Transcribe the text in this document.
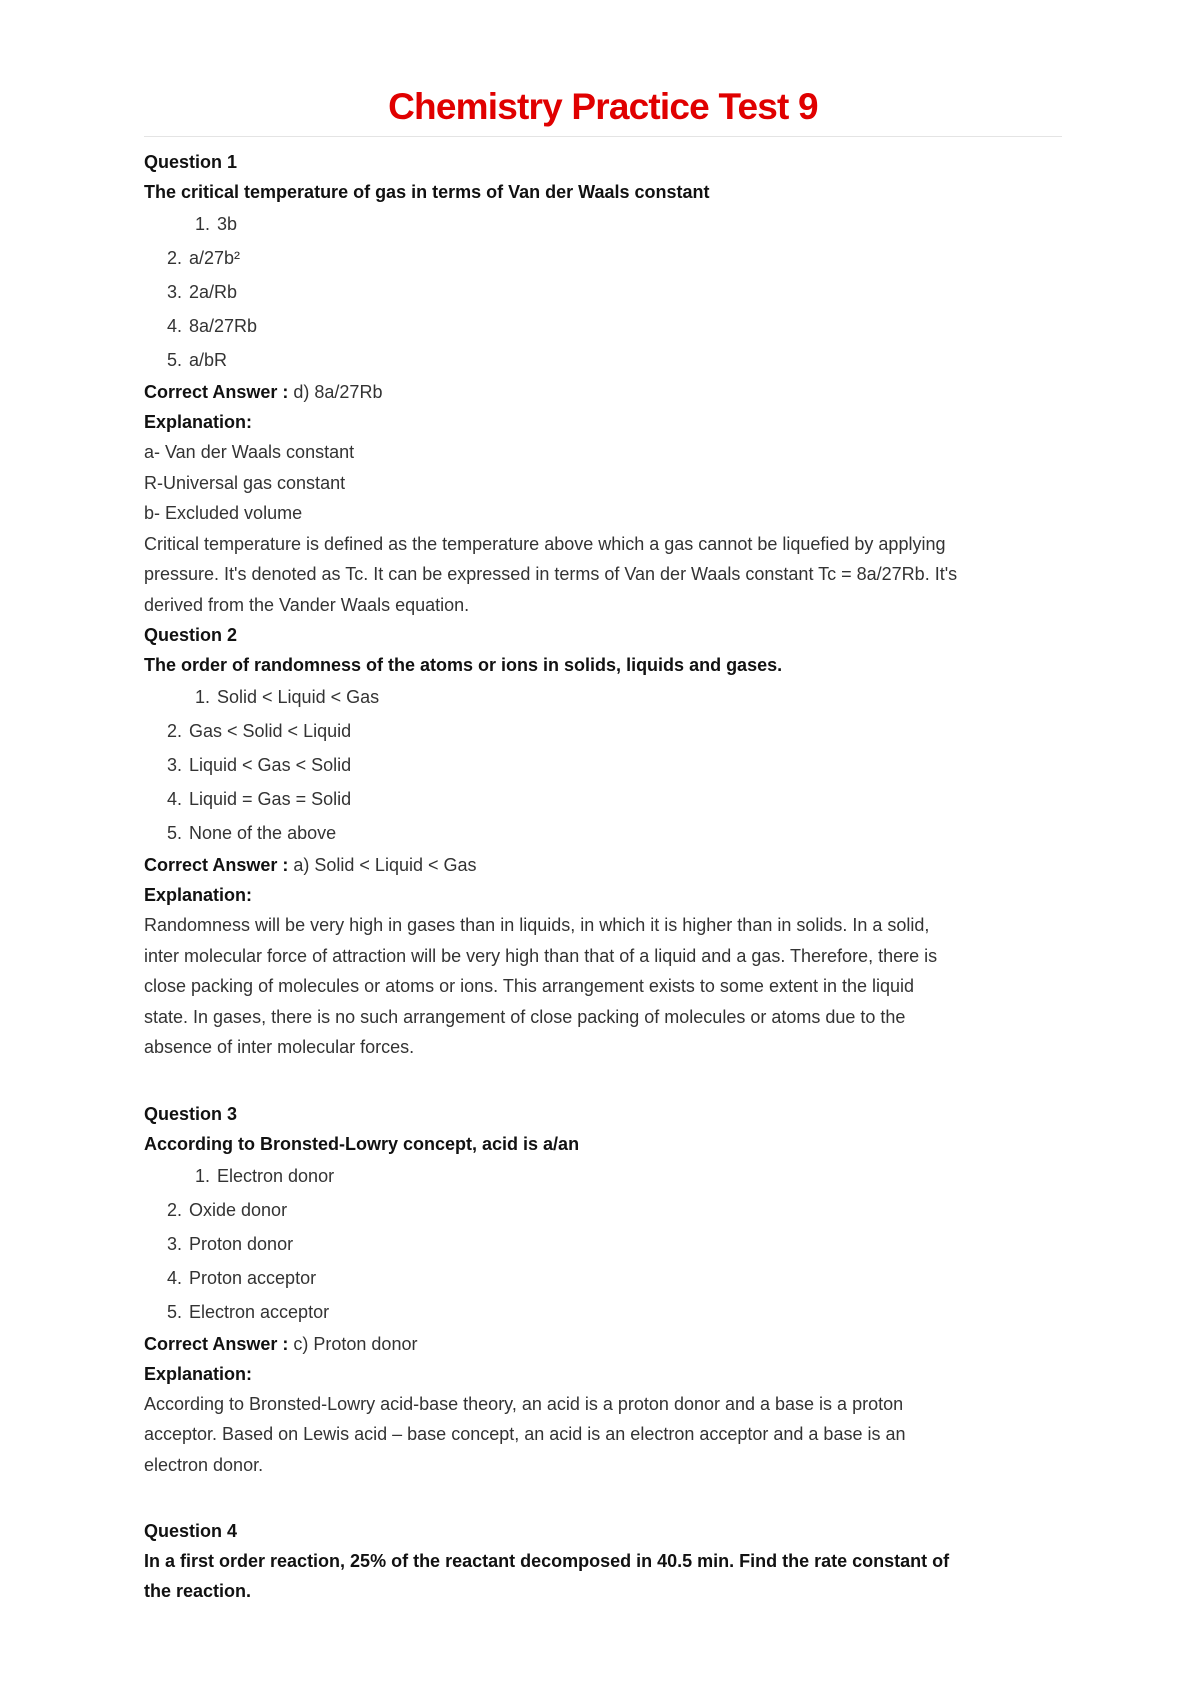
Chemistry Practice Test 9

Question 1

The critical temperature of gas in terms of Van der Waals constant

1. 3b
2. a/27b²
3. 2a/Rb
4. 8a/27Rb
5. a/bR

Correct Answer : d) 8a/27Rb

Explanation:

a- Van der Waals constant

R-Universal gas constant

b- Excluded volume

Critical temperature is defined as the temperature above which a gas cannot be liquefied by applying

pressure. It's denoted as Tc. It can be expressed in terms of Van der Waals constant Tc = 8a/27Rb. It's

derived from the Vander Waals equation.

Question 2

The order of randomness of the atoms or ions in solids, liquids and gases.

1. Solid < Liquid < Gas
2. Gas < Solid < Liquid
3. Liquid < Gas < Solid
4. Liquid = Gas = Solid
5. None of the above

Correct Answer : a) Solid < Liquid < Gas

Explanation:

Randomness will be very high in gases than in liquids, in which it is higher than in solids. In a solid,

inter molecular force of attraction will be very high than that of a liquid and a gas. Therefore, there is

close packing of molecules or atoms or ions. This arrangement exists to some extent in the liquid

state. In gases, there is no such arrangement of close packing of molecules or atoms due to the

absence of inter molecular forces.

Question 3

According to Bronsted-Lowry concept, acid is a/an

1. Electron donor
2. Oxide donor
3. Proton donor
4. Proton acceptor
5. Electron acceptor

Correct Answer : c) Proton donor

Explanation:

According to Bronsted-Lowry acid-base theory, an acid is a proton donor and a base is a proton

acceptor. Based on Lewis acid – base concept, an acid is an electron acceptor and a base is an

electron donor.

Question 4

In a first order reaction, 25% of the reactant decomposed in 40.5 min. Find the rate constant of

the reaction.
